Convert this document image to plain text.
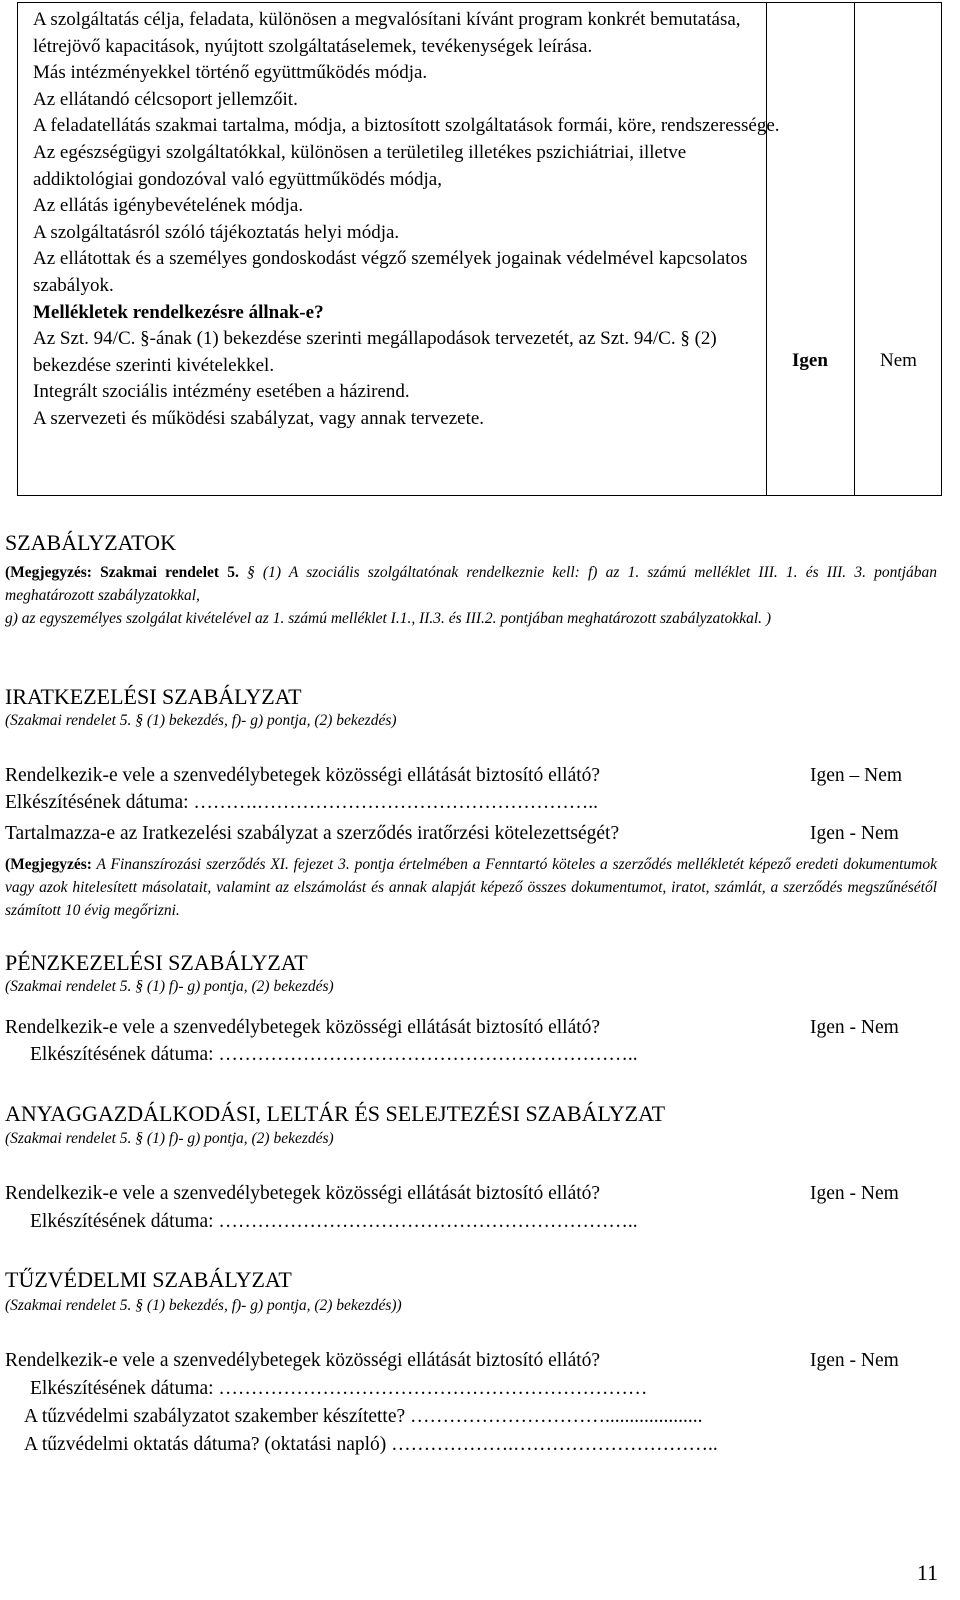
A szolgáltatás célja, feladata, különösen a megvalósítani kívánt program konkrét bemutatása, létrejövő kapacitások, nyújtott szolgáltatáselemek, tevékenységek leírása.
Más intézményekkel történő együttműködés módja.
Az ellátandó célcsoport jellemzőit.
A feladatellátás szakmai tartalma, módja, a biztosított szolgáltatások formái, köre, rendszeressége.
Az egészségügyi szolgáltatókkal, különösen a területileg illetékes pszichiátriai, illetve addiktológiai gondozóval való együttműködés módja,
Az ellátás igénybevételének módja.
A szolgáltatásról szóló tájékoztatás helyi módja.
Az ellátottak és a személyes gondoskodást végző személyek jogainak védelmével kapcsolatos szabályok.
Mellékletek rendelkezésre állnak-e?
Az Szt. 94/C. §-ának (1) bekezdése szerinti megállapodások tervezetét, az Szt. 94/C. § (2) bekezdése szerinti kivételekkel.
Integrált szociális intézmény esetében a házirend.
A szervezeti és működési szabályzat, vagy annak tervezete.
Igen	Nem
SZABÁLYZATOK
(Megjegyzés: Szakmai rendelet 5. § (1) A szociális szolgáltatónak rendelkeznie kell: f) az 1. számú melléklet III. 1. és III. 3. pontjában meghatározott szabályzatokkal,
g) az egyszemélyes szolgálat kivételével az 1. számú melléklet I.1., II.3. és III.2. pontjában meghatározott szabályzatokkal. )
IRATKEZELÉSI SZABÁLYZAT
(Szakmai rendelet 5. § (1) bekezdés, f)- g) pontja, (2) bekezdés)
Rendelkezik-e vele a szenvedélybetegek közösségi ellátását biztosító ellátó?	Igen – Nem
Elkészítésének dátuma: ……….……………………………………………..
Tartalmazza-e az Iratkezelési szabályzat a szerződés iratőrzési kötelezettségét?	Igen - Nem
(Megjegyzés: A Finanszírozási szerződés XI. fejezet 3. pontja értelmében a Fenntartó köteles a szerződés mellékletét képező eredeti dokumentumok vagy azok hitelesített másolatait, valamint az elszámolást és annak alapját képező összes dokumentumot, iratot, számlát, a szerződés megszűnésétől számított 10 évig megőrizni.
PÉNZKEZELÉSI SZABÁLYZAT
(Szakmai rendelet 5. § (1) f)- g) pontja, (2) bekezdés)
Rendelkezik-e vele a szenvedélybetegek közösségi ellátását biztosító ellátó?	Igen - Nem
Elkészítésének dátuma: ………………………………………………………..
ANYAGGAZDÁLKODÁSI, LELTÁR ÉS SELEJTEZÉSI SZABÁLYZAT
(Szakmai rendelet 5. § (1) f)- g) pontja, (2) bekezdés)
Rendelkezik-e vele a szenvedélybetegek közösségi ellátását biztosító ellátó?	Igen - Nem
Elkészítésének dátuma: ………………………………………………………..
TŰZVÉDELMI SZABÁLYZAT
(Szakmai rendelet 5. § (1) bekezdés, f)- g) pontja, (2) bekezdés))
Rendelkezik-e vele a szenvedélybetegek közösségi ellátását biztosító ellátó?	Igen - Nem
Elkészítésének dátuma: …………………………………………………………
A tűzvédelmi szabályzatot szakember készítette? …………………………....................
A tűzvédelmi oktatás dátuma? (oktatási napló) ……………….…………………………..
11
